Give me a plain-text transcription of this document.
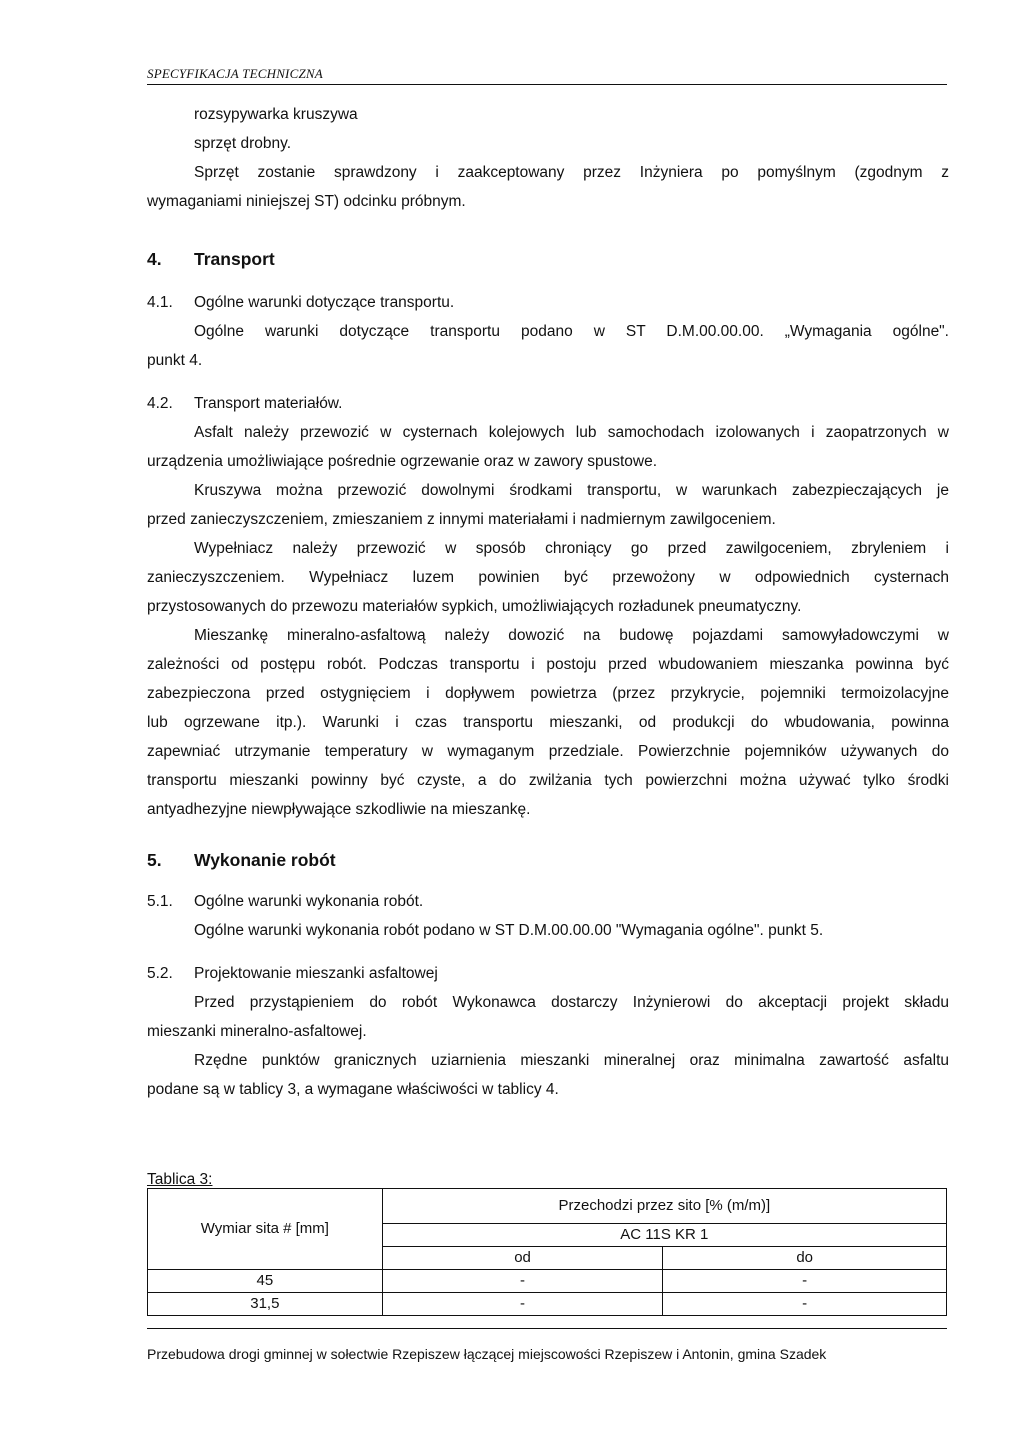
SPECYFIKACJA TECHNICZNA
rozsypywarka kruszywa
sprzęt drobny.
Sprzęt zostanie sprawdzony i zaakceptowany przez Inżyniera po pomyślnym (zgodnym z
wymaganiami niniejszej ST) odcinku próbnym.
4.	Transport
4.1.	Ogólne warunki dotyczące transportu.
Ogólne warunki dotyczące transportu podano w ST D.M.00.00.00. „Wymagania ogólne".
punkt 4.
4.2.	Transport materiałów.
Asfalt należy przewozić w cysternach kolejowych lub samochodach izolowanych i zaopatrzonych w
urządzenia umożliwiające pośrednie ogrzewanie oraz w zawory spustowe.
Kruszywa można przewozić dowolnymi środkami transportu, w warunkach zabezpieczających je
przed zanieczyszczeniem, zmieszaniem z innymi materiałami i nadmiernym zawilgoceniem.
Wypełniacz należy przewozić w sposób chroniący go przed zawilgoceniem, zbryleniem i
zanieczyszczeniem. Wypełniacz luzem powinien być przewożony w odpowiednich cysternach
przystosowanych do przewozu materiałów sypkich, umożliwiających rozładunek pneumatyczny.
Mieszankę mineralno-asfaltową należy dowozić na budowę pojazdami samowyładowczymi w
zależności od postępu robót. Podczas transportu i postoju przed wbudowaniem mieszanka powinna być
zabezpieczona przed ostygnięciem i dopływem powietrza (przez przykrycie, pojemniki termoizolacyjne
lub ogrzewane itp.). Warunki i czas transportu mieszanki, od produkcji do wbudowania, powinna
zapewniać utrzymanie temperatury w wymaganym przedziale. Powierzchnie pojemników używanych do
transportu mieszanki powinny być czyste, a do zwilżania tych powierzchni można używać tylko środki
antyadhezyjne niewpływające szkodliwie na mieszankę.
5.	Wykonanie robót
5.1.	Ogólne warunki wykonania robót.
Ogólne warunki wykonania robót podano w ST D.M.00.00.00 "Wymagania ogólne". punkt 5.
5.2.	Projektowanie mieszanki asfaltowej
Przed przystąpieniem do robót Wykonawca dostarczy Inżynierowi do akceptacji projekt składu
mieszanki mineralno-asfaltowej.
Rzędne punktów granicznych uziarnienia mieszanki mineralnej oraz minimalna zawartość asfaltu
podane są w tablicy 3, a wymagane właściwości w tablicy 4.
Tablica 3:
Wymiar sita # [mm]	Przechodzi przez sito [% (m/m)]	
	AC 11S KR 1	
	od	do
45	-	-
31,5	-	-
Przebudowa drogi gminnej w sołectwie Rzepiszew łączącej miejscowości Rzepiszew i Antonin, gmina Szadek
